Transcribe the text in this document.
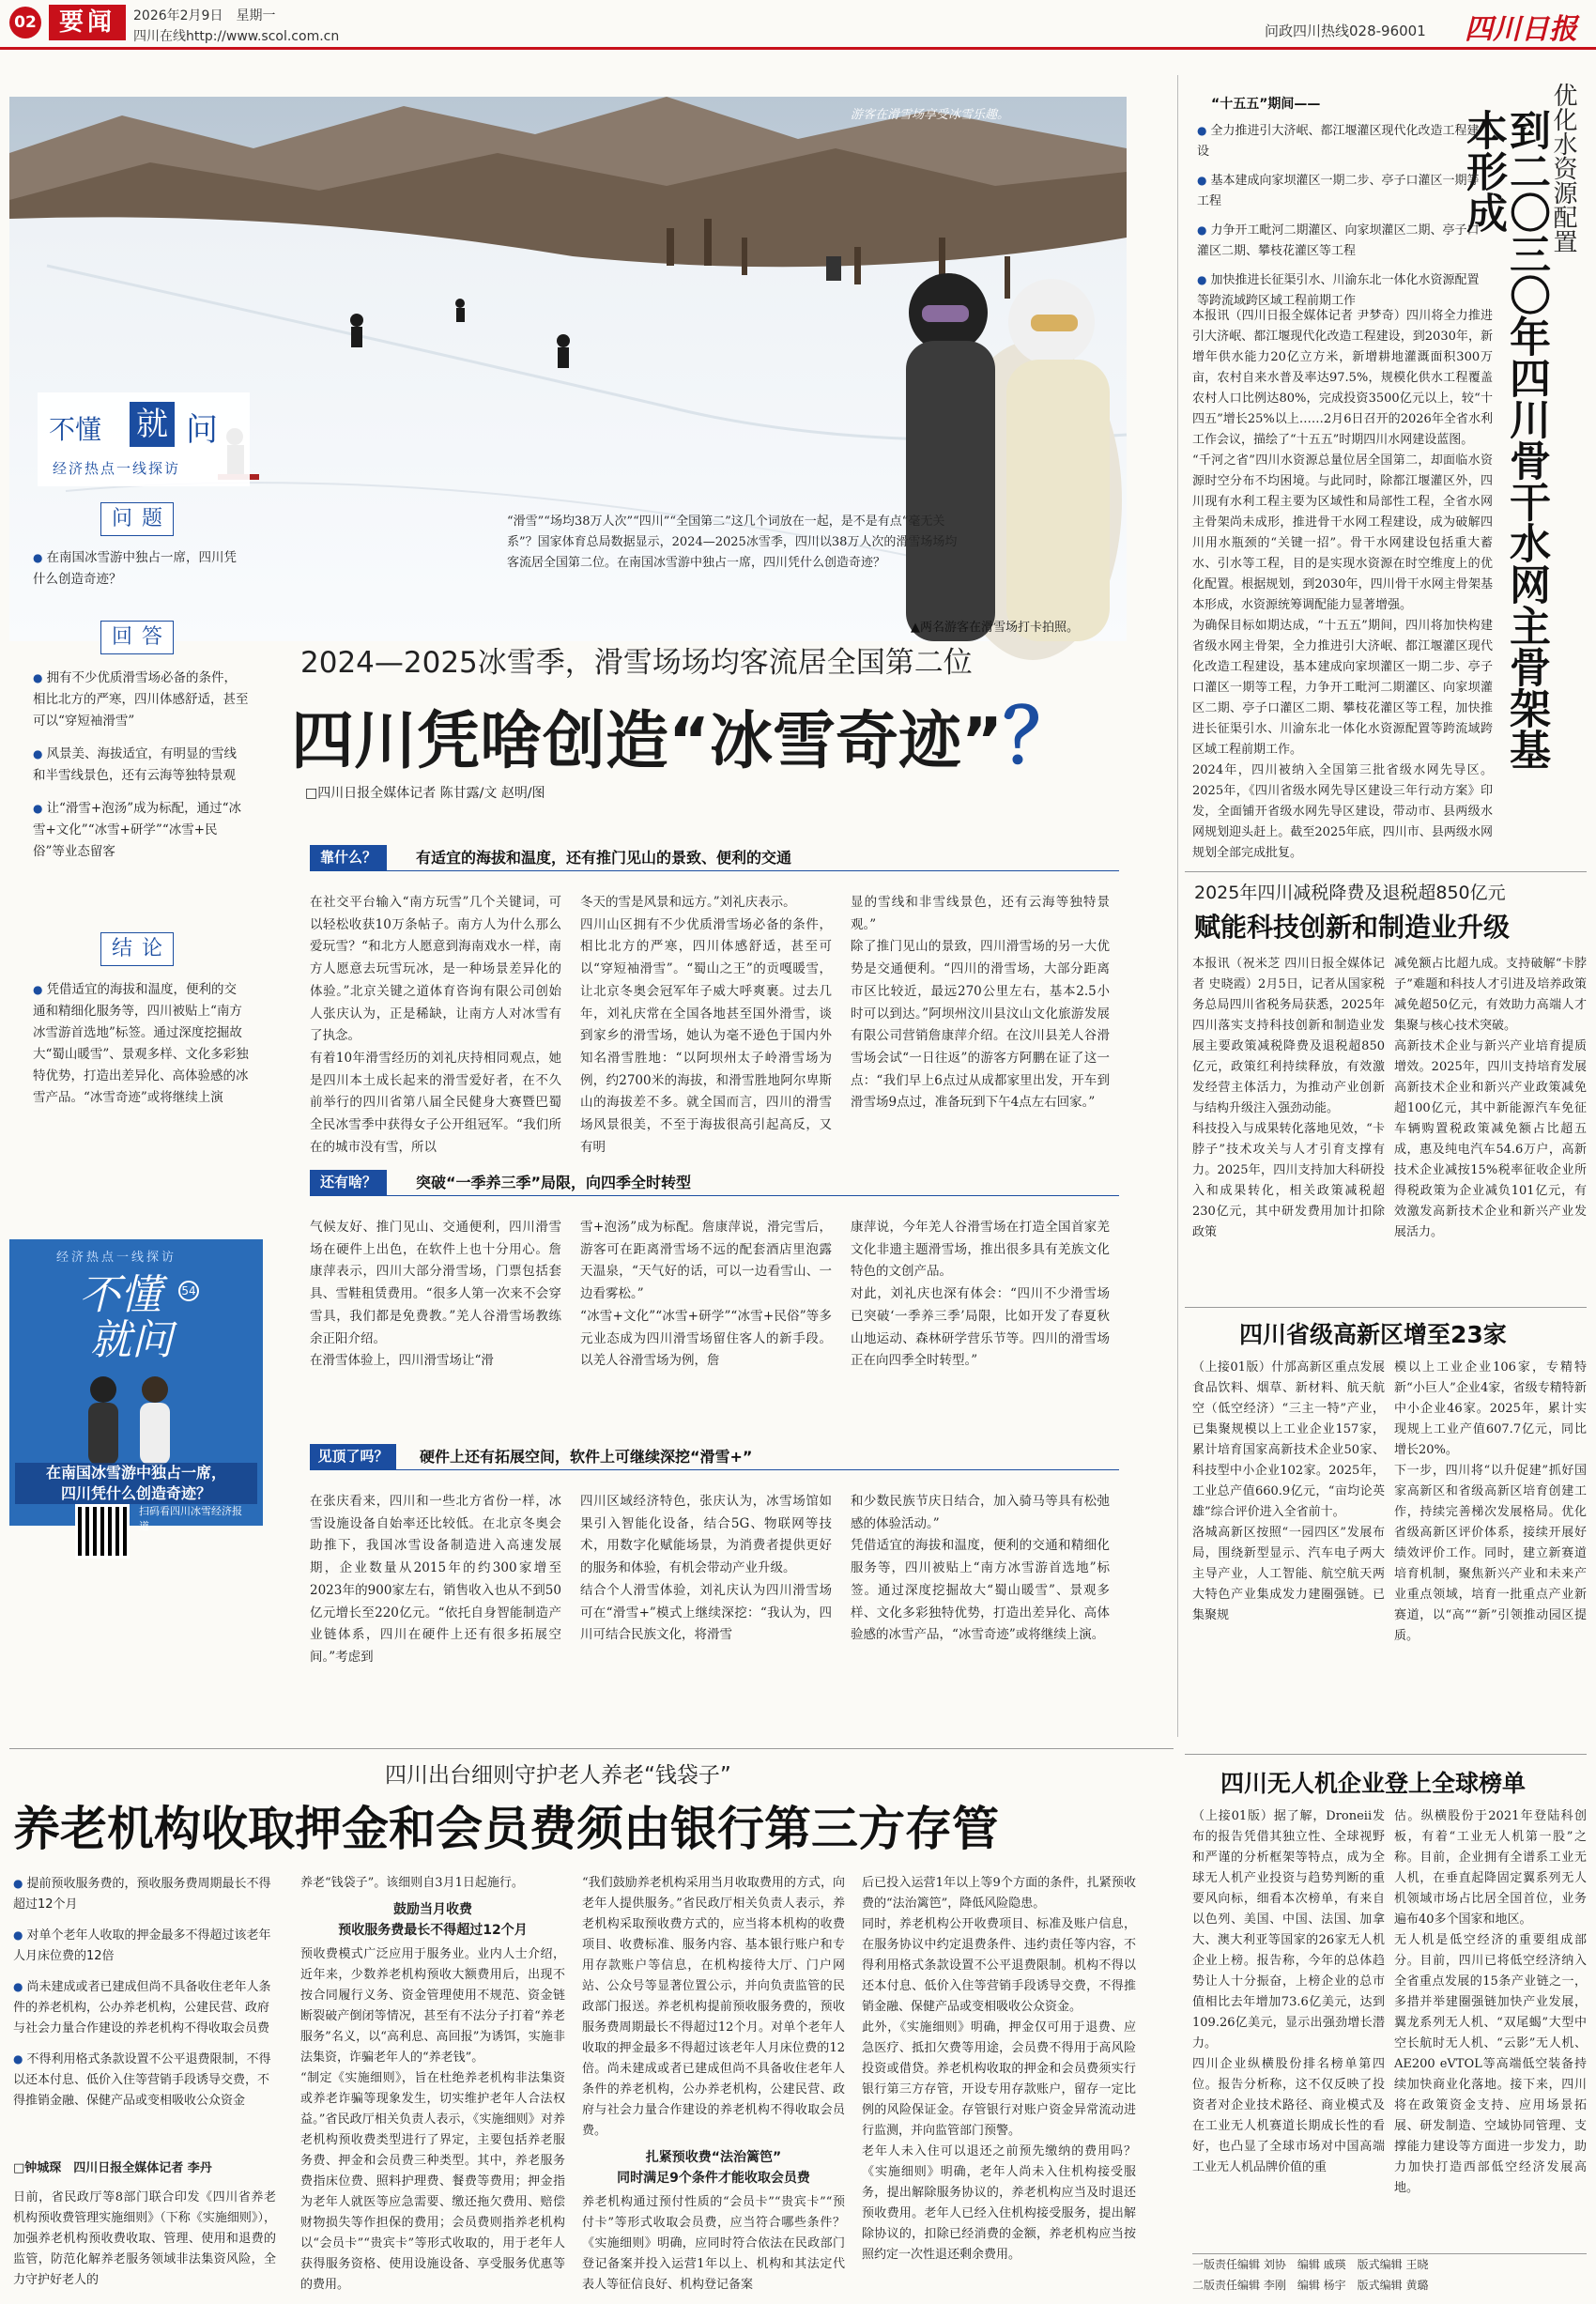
02 要闻	2026年2月9日　星期一
四川在线http://www.scol.com.cn	问政四川热线028-96001 四川日报
游客在滑雪场享受冰雪乐趣。
“滑雪”“场均38万人次”“四川”“全国第二”这几个词放在一起，是不是有点“毫无关系”？国家体育总局数据显示，2024—2025冰雪季，四川以38万人次的滑雪场场均客流居全国第二位。在南国冰雪游中独占一席，四川凭什么创造奇迹？
▲两名游客在滑雪场打卡拍照。
不懂 就 问
经济热点一线探访
2024—2025冰雪季，滑雪场场均客流居全国第二位
四川凭啥创造“冰雪奇迹”？
□四川日报全媒体记者 陈甘露/文 赵明/图
问题

● 在南国冰雪游中独占一席，四川凭什么创造奇迹？

回答

● 拥有不少优质滑雪场必备的条件，相比北方的严寒，四川体感舒适，甚至可以“穿短袖滑雪”

● 风景美、海拔适宜，有明显的雪线和半雪线景色，还有云海等独特景观

● 让“滑雪+泡汤”成为标配，通过“冰雪+文化”“冰雪+研学”“冰雪+民俗”等业态留客

结论

● 凭借适宜的海拔和温度，便利的交通和精细化服务等，四川被贴上“南方冰雪游首选地”标签。通过深度挖掘故大“蜀山暖雪”、景观多样、文化多彩独特优势，打造出差异化、高体验感的冰雪产品。“冰雪奇迹”或将继续上演

经济热点一线探访
不懂
就问
54
在南国冰雪游中独占一席，
四川凭什么创造奇迹？
扫码看四川冰雪经济报道
靠什么？	有适宜的海拔和温度，还有推门见山的景致、便利的交通
在社交平台输入“南方玩雪”几个关键词，可以轻松收获10万条帖子。南方人为什么那么爱玩雪？“和北方人愿意到海南戏水一样，南方人愿意去玩雪玩冰，是一种场景差异化的体验。”北京关键之道体育咨询有限公司创始人张庆认为，正是稀缺，让南方人对冰雪有了执念。
有着10年滑雪经历的刘礼庆持相同观点，她是四川本土成长起来的滑雪爱好者，在不久前举行的四川省第八届全民健身大赛暨巴蜀全民冰雪季中获得女子公开组冠军。“我们所在的城市没有雪，所以
冬天的雪是风景和远方。”刘礼庆表示。
四川山区拥有不少优质滑雪场必备的条件，相比北方的严寒，四川体感舒适，甚至可以“穿短袖滑雪”。“蜀山之王”的贡嘎暖雪，让北京冬奥会冠军年子威大呼爽裹。过去几年，刘礼庆常在全国各地甚至国外滑雪，谈到家乡的滑雪场，她认为毫不逊色于国内外知名滑雪胜地：“以阿坝州太子岭滑雪场为例，约2700米的海拔，和滑雪胜地阿尔卑斯山的海拔差不多。就全国而言，四川的滑雪场风景很美，不至于海拔很高引起高反，又有明
显的雪线和非雪线景色，还有云海等独特景观。”
除了推门见山的景致，四川滑雪场的另一大优势是交通便利。“四川的滑雪场，大部分距离市区比较近，最远270公里左右，基本2.5小时可以到达。”阿坝州汶川县汶山文化旅游发展有限公司营销詹康萍介绍。在汶川县羌人谷滑雪场会试“一日往返”的游客方阿鹏在证了这一点：“我们早上6点过从成都家里出发，开车到滑雪场9点过，准备玩到下午4点左右回家。”
还有啥？	突破“一季养三季”局限，向四季全时转型
气候友好、推门见山、交通便利，四川滑雪场在硬件上出色，在软件上也十分用心。詹康萍表示，四川大部分滑雪场，门票包括套具、雪鞋租赁费用。“很多人第一次来不会穿雪具，我们都是免费教。”羌人谷滑雪场教练余正阳介绍。
在滑雪体验上，四川滑雪场让“滑
雪+泡汤”成为标配。詹康萍说，滑完雪后，游客可在距离滑雪场不远的配套酒店里泡露天温泉，“天气好的话，可以一边看雪山、一边看雾松。”
“冰雪+文化”“冰雪+研学”“冰雪+民俗”等多元业态成为四川滑雪场留住客人的新手段。以羌人谷滑雪场为例，詹
康萍说，今年羌人谷滑雪场在打造全国首家羌文化非遗主题滑雪场，推出很多具有羌族文化特色的文创产品。
对此，刘礼庆也深有体会：“四川不少滑雪场已突破‘一季养三季’局限，比如开发了春夏秋山地运动、森林研学营乐节等。四川的滑雪场正在向四季全时转型。”
见顶了吗？	硬件上还有拓展空间，软件上可继续深挖“滑雪+”
在张庆看来，四川和一些北方省份一样，冰雪设施设备自始率还比较低。在北京冬奥会助推下，我国冰雪设备制造进入高速发展期，企业数量从2015年的约300家增至2023年的900家左右，销售收入也从不到50亿元增长至220亿元。“依托自身智能制造产业链体系，四川在硬件上还有很多拓展空间。”考虑到
四川区域经济特色，张庆认为，冰雪场馆如果引入智能化设备，结合5G、物联网等技术，用数字化赋能场景，为消费者提供更好的服务和体验，有机会带动产业升级。
结合个人滑雪体验，刘礼庆认为四川滑雪场可在“滑雪+”模式上继续深挖：“我认为，四川可结合民族文化，将滑雪
和少数民族节庆日结合，加入骑马等具有松弛感的体验活动。”
凭借适宜的海拔和温度，便利的交通和精细化服务等，四川被贴上“南方冰雪游首选地”标签。通过深度挖掘故大“蜀山暖雪”、景观多样、文化多彩独特优势，打造出差异化、高体验感的冰雪产品，“冰雪奇迹”或将继续上演。
优化水资源配置
到二〇三〇年四川骨干水网主骨架基本形成
“十五五”期间——

● 全力推进引大济岷、都江堰灌区现代化改造工程建设

● 基本建成向家坝灌区一期二步、亭子口灌区一期等工程

● 力争开工毗河二期灌区、向家坝灌区二期、亭子口灌区二期、攀枝花灌区等工程

● 加快推进长征渠引水、川渝东北一体化水资源配置等跨流域跨区域工程前期工作

本报讯（四川日报全媒体记者 尹梦奇）四川将全力推进引大济岷、都江堰现代化改造工程建设，到2030年，新增年供水能力20亿立方米，新增耕地灌溉面积300万亩，农村自来水普及率达97.5%，规模化供水工程覆盖农村人口比例达80%，完成投资3500亿元以上，较“十四五”增长25%以上……2月6日召开的2026年全省水利工作会议，描绘了“十五五”时期四川水网建设蓝图。
“千河之省”四川水资源总量位居全国第二，却面临水资源时空分布不均困境。与此同时，除都江堰灌区外，四川现有水利工程主要为区域性和局部性工程，全省水网主骨架尚未成形，推进骨干水网工程建设，成为破解四川用水瓶颈的“关键一招”。骨干水网建设包括重大蓄水、引水等工程，目的是实现水资源在时空维度上的优化配置。根据规划，到2030年，四川骨干水网主骨架基本形成，水资源统筹调配能力显著增强。
为确保目标如期达成，“十五五”期间，四川将加快构建省级水网主骨架，全力推进引大济岷、都江堰灌区现代化改造工程建设，基本建成向家坝灌区一期二步、亭子口灌区一期等工程，力争开工毗河二期灌区、向家坝灌区二期、亭子口灌区二期、攀枝花灌区等工程，加快推进长征渠引水、川渝东北一体化水资源配置等跨流域跨区域工程前期工作。
2024年，四川被纳入全国第三批省级水网先导区。2025年，《四川省级水网先导区建设三年行动方案》印发，全面铺开省级水网先导区建设，带动市、县两级水网规划迎头赶上。截至2025年底，四川市、县两级水网规划全部完成批复。
2025年四川减税降费及退税超850亿元
赋能科技创新和制造业升级
本报讯（祝米芝 四川日报全媒体记者 史晓霞）2月5日，记者从国家税务总局四川省税务局获悉，2025年四川落实支持科技创新和制造业发展主要政策减税降费及退税超850亿元，政策红利持续释放，有效激发经营主体活力，为推动产业创新与结构升级注入强劲动能。
科技投入与成果转化落地见效，“卡脖子”技术攻关与人才引育支撑有力。2025年，四川支持加大科研投入和成果转化，相关政策减税超230亿元，其中研发费用加计扣除政策
减免额占比超九成。支持破解“卡脖子”难题和科技人才引进及培养政策减免超50亿元，有效助力高端人才集聚与核心技术突破。
高新技术企业与新兴产业培育提质增效。2025年，四川支持培育发展高新技术企业和新兴产业政策减免超100亿元，其中新能源汽车免征车辆购置税政策减免额占比超五成，惠及纯电汽车54.6万户，高新技术企业减按15%税率征收企业所得税政策为企业减负101亿元，有效激发高新技术企业和新兴产业发展活力。
四川省级高新区增至23家
（上接01版）什邡高新区重点发展食品饮料、烟草、新材料、航天航空（低空经济）“三主一特”产业，已集聚规模以上工业企业157家，累计培育国家高新技术企业50家、科技型中小企业102家。2025年，工业总产值660.9亿元，“亩均论英雄”综合评价进入全省前十。
洛城高新区按照“一园四区”发展布局，围绕新型显示、汽车电子两大主导产业，人工智能、航空航天两大特色产业集成发力建圈强链。已集聚规
模以上工业企业106家，专精特新“小巨人”企业4家，省级专精特新中小企业46家。2025年，累计实现规上工业产值607.7亿元，同比增长20%。
下一步，四川将“以升促建”抓好国家高新区和省级高新区培育创建工作，持续完善梯次发展格局。优化省级高新区评价体系，接续开展好绩效评价工作。同时，建立新赛道培育机制，聚焦新兴产业和未来产业重点领域，培育一批重点产业新赛道，以“高”“新”引领推动园区提质。
四川无人机企业登上全球榜单
（上接01版）据了解，Droneii发布的报告凭借其独立性、全球视野和严谨的分析框架等特点，成为全球无人机产业投资与趋势判断的重要风向标，细看本次榜单，有来自以色列、美国、中国、法国、加拿大、澳大利亚等国家的26家无人机企业上榜。报告称，今年的总体趋势让人十分振奋，上榜企业的总市值相比去年增加73.6亿美元，达到109.26亿美元，显示出强劲增长潜力。
四川企业纵横股份排名榜单第四位。报告分析称，这不仅反映了投资者对企业技术路径、商业模式及在工业无人机赛道长期成长性的看好，也凸显了全球市场对中国高端工业无人机品牌价值的重
估。纵横股份于2021年登陆科创板，有着“工业无人机第一股”之称。目前，企业拥有全谱系工业无人机，在垂直起降固定翼系列无人机领域市场占比居全国首位，业务遍布40多个国家和地区。
无人机是低空经济的重要组成部分。目前，四川已将低空经济纳入全省重点发展的15条产业链之一，多措并举建圈强链加快产业发展，翼龙系列无人机、“双尾蝎”大型中空长航时无人机、“云影”无人机、AE200 eVTOL等高端低空装备持续加快商业化落地。接下来，四川将在政策资金支持、应用场景拓展、研发制造、空域协同管理、支撑能力建设等方面进一步发力，助力加快打造西部低空经济发展高地。
一版责任编辑 刘协　编辑 戚瑛　版式编辑 王晓
二版责任编辑 李刚　编辑 杨宇　版式编辑 黄璐
四川出台细则守护老人养老“钱袋子”
养老机构收取押金和会员费须由银行第三方存管

● 提前预收服务费的，预收服务费周期最长不得超过12个月

● 对单个老年人收取的押金最多不得超过该老年人月床位费的12倍

● 尚未建成或者已建成但尚不具备收住老年人条件的养老机构，公办养老机构，公建民营、政府与社会力量合作建设的养老机构不得收取会员费

● 不得利用格式条款设置不公平退费限制，不得以还本付息、低价入住等营销手段诱导交费，不得推销金融、保健产品或变相吸收公众资金

□钟城琛　四川日报全媒体记者 李丹
日前，省民政厅等8部门联合印发《四川省养老机构预收费管理实施细则》（下称《实施细则》），加强养老机构预收费收取、管理、使用和退费的监管，防范化解养老服务领域非法集资风险，全力守护好老人的
养老“钱袋子”。该细则自3月1日起施行。
鼓励当月收费
预收服务费最长不得超过12个月
预收费模式广泛应用于服务业。业内人士介绍，近年来，少数养老机构预收大额费用后，出现不按合同履行义务、资金管理使用不规范、资金链断裂破产倒闭等情况，甚至有不法分子打着“养老服务”名义，以“高利息、高回报”为诱饵，实施非法集资，诈骗老年人的“养老钱”。
“制定《实施细则》，旨在杜绝养老机构非法集资或养老诈骗等现象发生，切实维护老年人合法权益。”省民政厅相关负责人表示，《实施细则》对养老机构预收费类型进行了界定，主要包括养老服务费、押金和会员费三种类型。其中，养老服务费指床位费、照料护理费、餐费等费用；押金指为老年人就医等应急需要、缴还拖欠费用、赔偿财物损失等作担保的费用；会员费则指养老机构以“会员卡”“贵宾卡”等形式收取的，用于老年人获得服务资格、使用设施设备、享受服务优惠等的费用。
“我们鼓励养老机构采用当月收取费用的方式，向老年人提供服务。”省民政厅相关负责人表示，养老机构采取预收费方式的，应当将本机构的收费项目、收费标准、服务内容、基本银行账户和专用存款账户等信息，在机构接待大厅、门户网站、公众号等显著位置公示，并向负责监管的民政部门报送。养老机构提前预收服务费的，预收服务费周期最长不得超过12个月。对单个老年人收取的押金最多不得超过该老年人月床位费的12倍。尚未建成或者已建成但尚不具备收住老年人条件的养老机构，公办养老机构，公建民营、政府与社会力量合作建设的养老机构不得收取会员费。
扎紧预收费“法治篱笆”
同时满足9个条件才能收取会员费
养老机构通过预付性质的“会员卡”“贵宾卡”“预付卡”等形式收取会员费，应当符合哪些条件？《实施细则》明确，应同时符合依法在民政部门登记备案并投入运营1年以上、机构和其法定代表人等征信良好、机构登记备案
后已投入运营1年以上等9个方面的条件，扎紧预收费的“法治篱笆”，降低风险隐患。
同时，养老机构公开收费项目、标准及账户信息，在服务协议中约定退费条件、违约责任等内容，不得利用格式条款设置不公平退费限制。机构不得以还本付息、低价入住等营销手段诱导交费，不得推销金融、保健产品或变相吸收公众资金。
此外，《实施细则》明确，押金仅可用于退费、应急医疗、抵扣欠费等用途，会员费不得用于高风险投资或借贷。养老机构收取的押金和会员费须实行银行第三方存管，开设专用存款账户，留存一定比例的风险保证金。存管银行对账户资金异常流动进行监测，并向监管部门预警。
老年人未入住可以退还之前预先缴纳的费用吗？《实施细则》明确，老年人尚未入住机构接受服务，提出解除服务协议的，养老机构应当及时退还预收费用。老年人已经入住机构接受服务，提出解除协议的，扣除已经消费的金额，养老机构应当按照约定一次性退还剩余费用。
